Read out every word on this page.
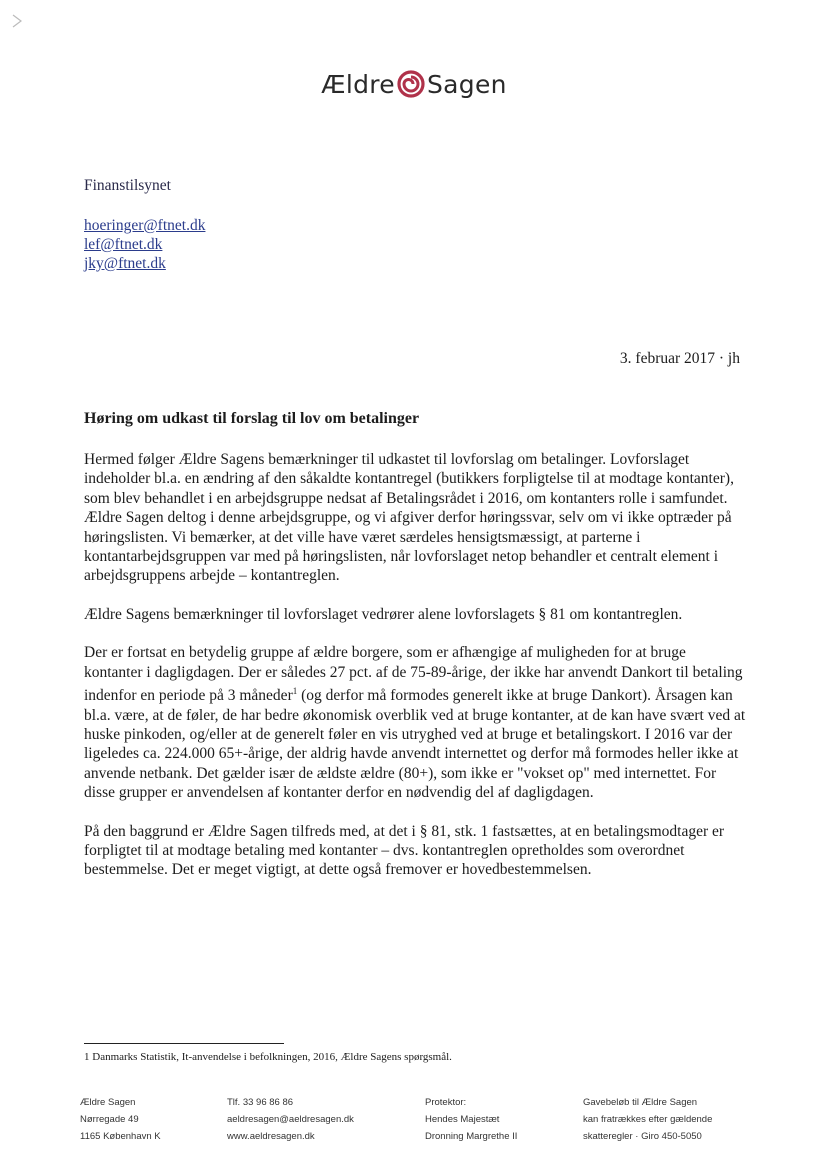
Ældre Sagen
Finanstilsynet
hoeringer@ftnet.dk
lef@ftnet.dk
jky@ftnet.dk
3. februar 2017 · jh
Høring om udkast til forslag til lov om betalinger

Hermed følger Ældre Sagens bemærkninger til udkastet til lovforslag om betalinger. Lovforslaget indeholder bl.a. en ændring af den såkaldte kontantregel (butikkers forpligtelse til at modtage kontanter), som blev behandlet i en arbejdsgruppe nedsat af Betalingsrådet i 2016, om kontanters rolle i samfundet. Ældre Sagen deltog i denne arbejdsgruppe, og vi afgiver derfor høringssvar, selv om vi ikke optræder på høringslisten. Vi bemærker, at det ville have været særdeles hensigtsmæssigt, at parterne i kontantarbejdsgruppen var med på høringslisten, når lovforslaget netop behandler et centralt element i arbejdsgruppens arbejde – kontantreglen.

Ældre Sagens bemærkninger til lovforslaget vedrører alene lovforslagets § 81 om kontantreglen.

Der er fortsat en betydelig gruppe af ældre borgere, som er afhængige af muligheden for at bruge kontanter i dagligdagen. Der er således 27 pct. af de 75-89-årige, der ikke har anvendt Dankort til betaling indenfor en periode på 3 måneder$^1$ (og derfor må formodes generelt ikke at bruge Dankort). Årsagen kan bl.a. være, at de føler, de har bedre økonomisk overblik ved at bruge kontanter, at de kan have svært ved at huske pinkoden, og/eller at de generelt føler en vis utryghed ved at bruge et betalingskort. I 2016 var der ligeledes ca. 224.000 65+-årige, der aldrig havde anvendt internettet og derfor må formodes heller ikke at anvende netbank. Det gælder især de ældste ældre (80+), som ikke er "vokset op" med internettet. For disse grupper er anvendelsen af kontanter derfor en nødvendig del af dagligdagen.

På den baggrund er Ældre Sagen tilfreds med, at det i § 81, stk. 1 fastsættes, at en betalingsmodtager er forpligtet til at modtage betaling med kontanter – dvs. kontantreglen opretholdes som overordnet bestemmelse. Det er meget vigtigt, at dette også fremover er hovedbestemmelsen.

1 Danmarks Statistik, It-anvendelse i befolkningen, 2016, Ældre Sagens spørgsmål.
Ældre Sagen
Nørregade 49
1165 København K
Tlf. 33 96 86 86
aeldresagen@aeldresagen.dk
www.aeldresagen.dk
Protektor:
Hendes Majestæt
Dronning Margrethe II
Gavebeløb til Ældre Sagen
kan fratrækkes efter gældende
skatteregler · Giro 450-5050
